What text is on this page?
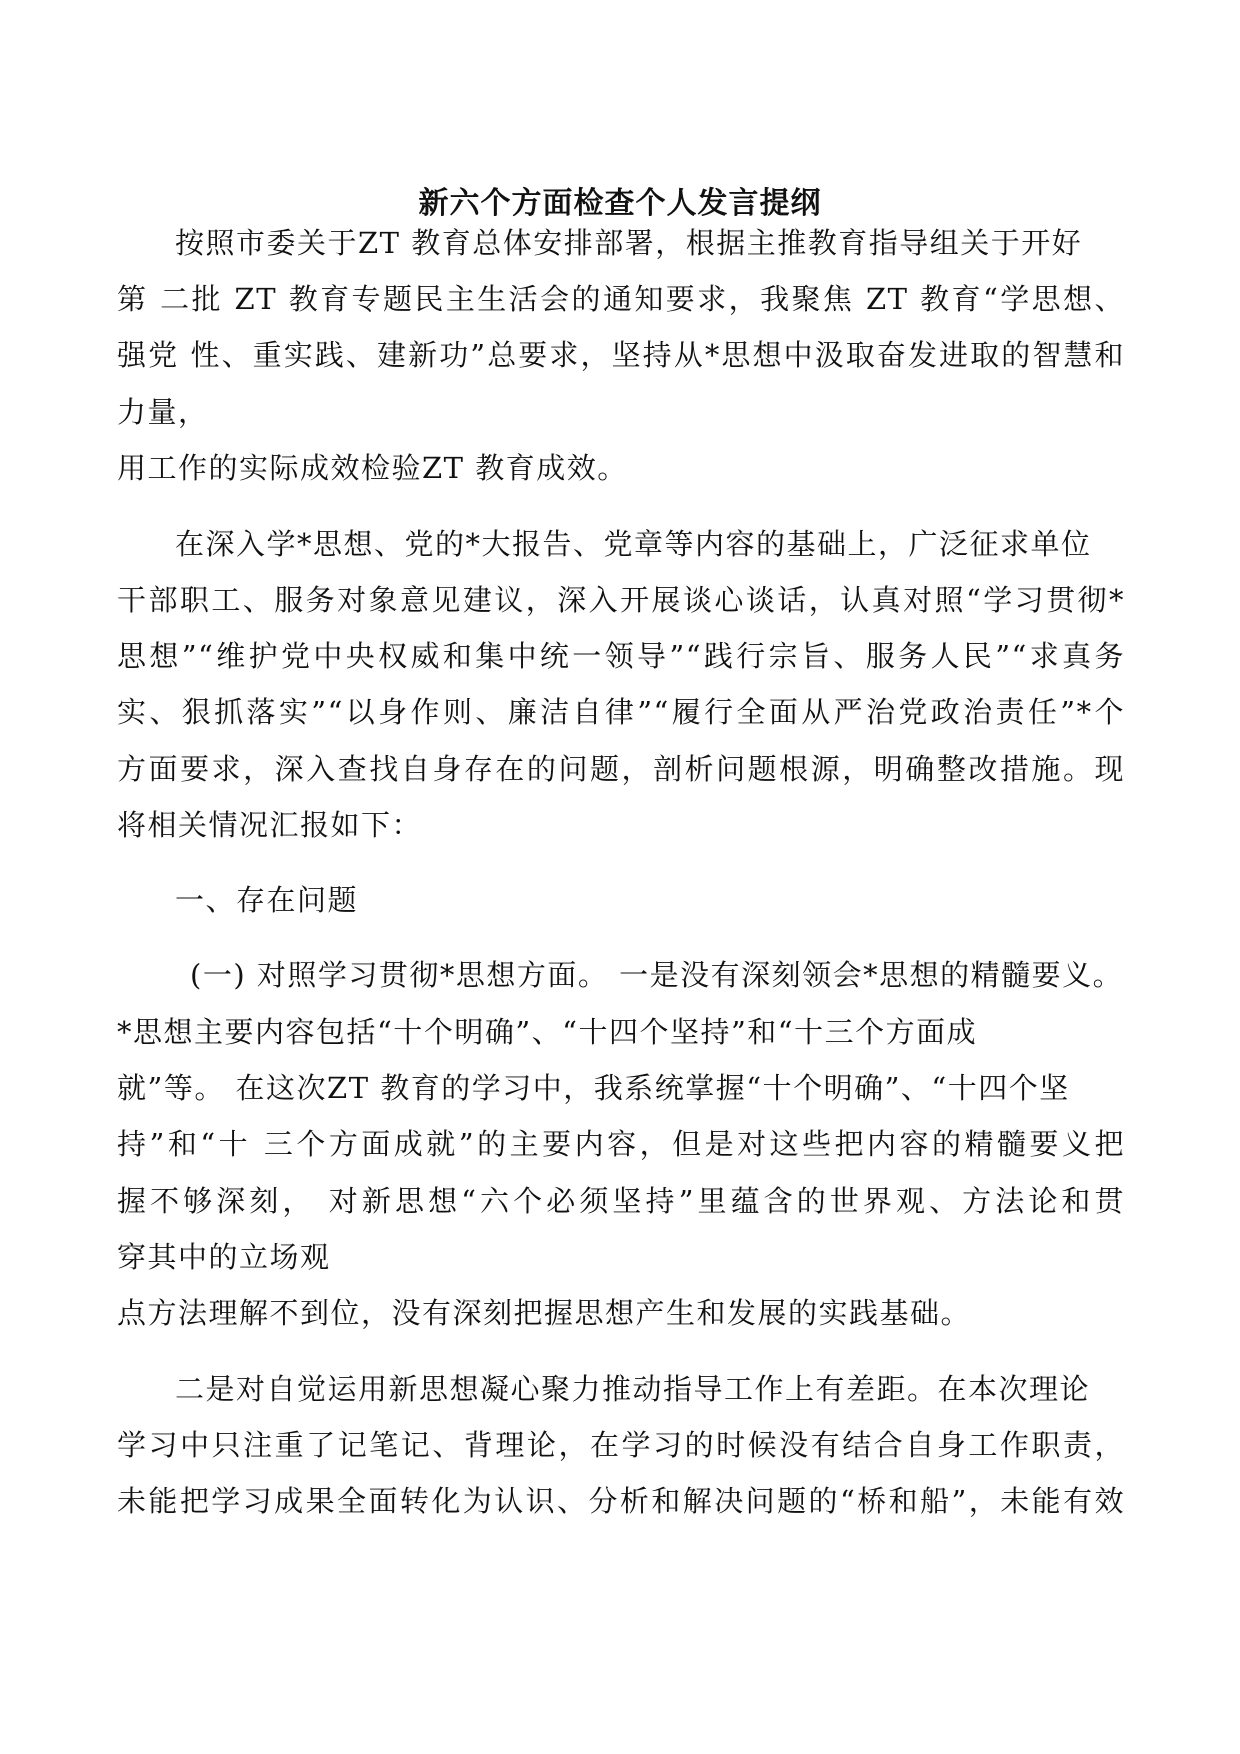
新六个方面检查个人发言提纲
按照市委关于ZT 教育总体安排部署，根据主推教育指导组关于开好
第 二批 ZT 教育专题民主生活会的通知要求，我聚焦 ZT 教育“学思想、
强党 性、重实践、建新功”总要求，坚持从*思想中汲取奋发进取的智慧和
力量，
用工作的实际成效检验ZT 教育成效。
在深入学*思想、党的*大报告、党章等内容的基础上，广泛征求单位
干部职工、服务对象意见建议，深入开展谈心谈话，认真对照“学习贯彻*
思想”“维护党中央权威和集中统一领导”“践行宗旨、服务人民”“求真务
实、狠抓落实”“以身作则、廉洁自律”“履行全面从严治党政治责任”*个
方面要求，深入查找自身存在的问题，剖析问题根源，明确整改措施。现
将相关情况汇报如下：
一、存在问题
(一) 对照学习贯彻*思想方面。 一是没有深刻领会*思想的精髓要义。
*思想主要内容包括“十个明确”、“十四个坚持”和“十三个方面成
就”等。 在这次ZT 教育的学习中，我系统掌握“十个明确”、“十四个坚
持”和“十 三个方面成就”的主要内容，但是对这些把内容的精髓要义把
握不够深刻， 对新思想“六个必须坚持”里蕴含的世界观、方法论和贯
穿其中的立场观
点方法理解不到位，没有深刻把握思想产生和发展的实践基础。
二是对自觉运用新思想凝心聚力推动指导工作上有差距。在本次理论
学习中只注重了记笔记、背理论，在学习的时候没有结合自身工作职责，
未能把学习成果全面转化为认识、分析和解决问题的“桥和船”，未能有效
